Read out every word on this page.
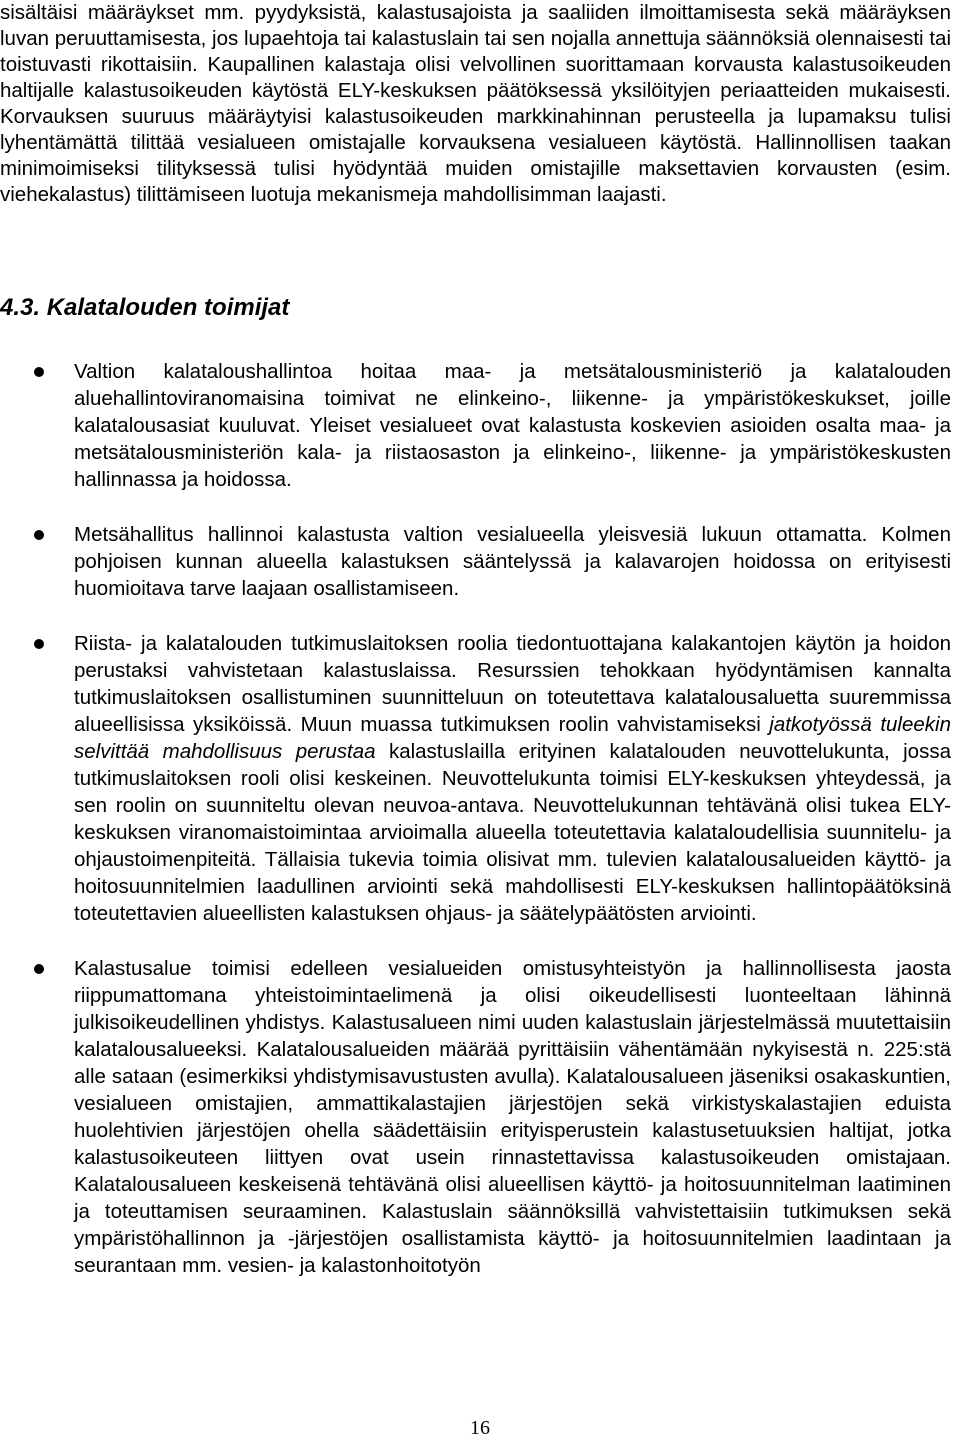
sisältäisi määräykset mm. pyydyksistä, kalastusajoista ja saaliiden ilmoittamisesta sekä määräyksen luvan peruuttamisesta, jos lupaehtoja tai kalastuslain tai sen nojalla annettuja säännöksiä olennaisesti tai toistuvasti rikottaisiin. Kaupallinen kalastaja olisi velvollinen suorittamaan korvausta kalastusoikeuden haltijalle kalastusoikeuden käytöstä ELY-keskuksen päätöksessä yksilöityjen periaatteiden mukaisesti. Korvauksen suuruus määräytyisi kalastusoikeuden markkinahinnan perusteella ja lupamaksu tulisi lyhentämättä tilittää vesialueen omistajalle korvauksena vesialueen käytöstä. Hallinnollisen taakan minimoimiseksi tilityksessä tulisi hyödyntää muiden omistajille maksettavien korvausten (esim. viehekalastus) tilittämiseen luotuja mekanismeja mahdollisimman laajasti.

4.3. Kalatalouden toimijat
Valtion kalataloushallintoa hoitaa maa- ja metsätalousministeriö ja kalatalouden aluehallintoviranomaisina toimivat ne elinkeino-, liikenne- ja ympäristökeskukset, joille kalatalousasiat kuuluvat. Yleiset vesialueet ovat kalastusta koskevien asioiden osalta maa- ja metsätalousministeriön kala- ja riistaosaston ja elinkeino-, liikenne- ja ympäristökeskusten hallinnassa ja hoidossa.
Metsähallitus hallinnoi kalastusta valtion vesialueella yleisvesiä lukuun ottamatta. Kolmen pohjoisen kunnan alueella kalastuksen sääntelyssä ja kalavarojen hoidossa on erityisesti huomioitava tarve laajaan osallistamiseen.
Riista- ja kalatalouden tutkimuslaitoksen roolia tiedontuottajana kalakantojen käytön ja hoidon perustaksi vahvistetaan kalastuslaissa. Resurssien tehokkaan hyödyntämisen kannalta tutkimuslaitoksen osallistuminen suunnitteluun on toteutettava kalatalousaluetta suuremmissa alueellisissa yksiköissä. Muun muassa tutkimuksen roolin vahvistamiseksi jatkotyössä tuleekin selvittää mahdollisuus perustaa kalastuslailla erityinen kalatalouden neuvottelukunta, jossa tutkimuslaitoksen rooli olisi keskeinen. Neuvottelukunta toimisi ELY-keskuksen yhteydessä, ja sen roolin on suunniteltu olevan neuvoa-antava. Neuvottelukunnan tehtävänä olisi tukea ELY-keskuksen viranomaistoimintaa arvioimalla alueella toteutettavia kalataloudellisia suunnitelu- ja ohjaustoimenpiteitä. Tällaisia tukevia toimia olisivat mm. tulevien kalatalousalueiden käyttö- ja hoitosuunnitelmien laadullinen arviointi sekä mahdollisesti ELY-keskuksen hallintopäätöksinä toteutettavien alueellisten kalastuksen ohjaus- ja säätelypäätösten arviointi.
Kalastusalue toimisi edelleen vesialueiden omistusyhteistyön ja hallinnollisesta jaosta riippumattomana yhteistoimintaelimenä ja olisi oikeudellisesti luonteeltaan lähinnä julkisoikeudellinen yhdistys. Kalastusalueen nimi uuden kalastuslain järjestelmässä muutettaisiin kalatalousalueeksi. Kalatalousalueiden määrää pyrittäisiin vähentämään nykyisestä n. 225:stä alle sataan (esimerkiksi yhdistymisavustusten avulla). Kalatalousalueen jäseniksi osakaskuntien, vesialueen omistajien, ammattikalastajien järjestöjen sekä virkistyskalastajien eduista huolehtivien järjestöjen ohella säädettäisiin erityisperustein kalastusetuuksien haltijat, jotka kalastusoikeuteen liittyen ovat usein rinnastettavissa kalastusoikeuden omistajaan. Kalatalousalueen keskeisenä tehtävänä olisi alueellisen käyttö- ja hoitosuunnitelman laatiminen ja toteuttamisen seuraaminen. Kalastuslain säännöksillä vahvistettaisiin tutkimuksen sekä ympäristöhallinnon ja -järjestöjen osallistamista käyttö- ja hoitosuunnitelmien laadintaan ja seurantaan mm. vesien- ja kalastonhoitotyön

16
